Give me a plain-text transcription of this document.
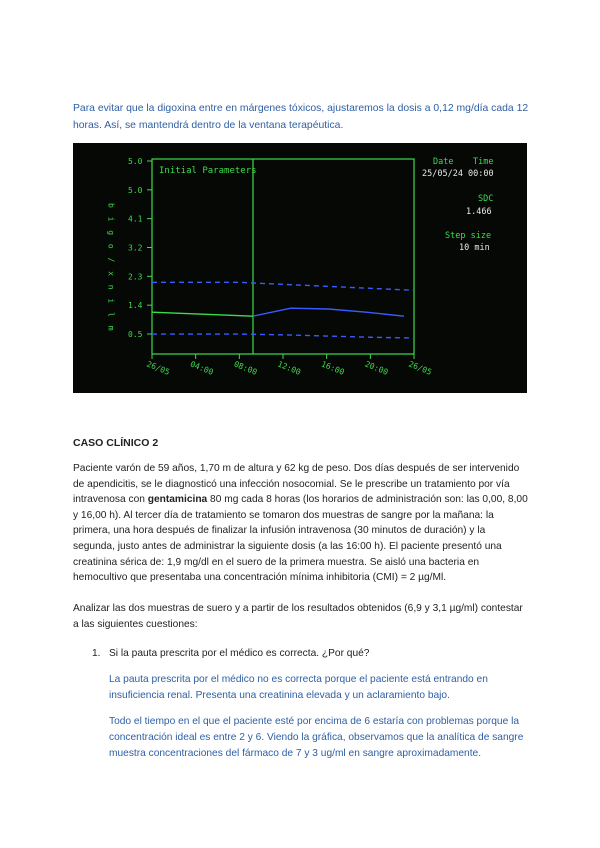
Para evitar que la digoxina entre en márgenes tóxicos, ajustaremos la dosis a 0,12 mg/día cada 12 horas. Así, se mantendrá dentro de la ventana terapéutica.

Initial Parameters
b i g o / x n i l m
5.0
5.0
4.1
3.2
2.3
1.4
0.5
26/05 04:00 08:00 12:00 16:00 20:00 26/05
Date Time
25/05/24 00:00
SDC
1.466
Step size
10 min
CASO CLÍNICO 2

Paciente varón de 59 años, 1,70 m de altura y 62 kg de peso. Dos días después de ser intervenido de apendicitis, se le diagnosticó una infección nosocomial. Se le prescribe un tratamiento por vía intravenosa con gentamicina 80 mg cada 8 horas (los horarios de administración son: las 0,00, 8,00 y 16,00 h). Al tercer día de tratamiento se tomaron dos muestras de sangre por la mañana: la primera, una hora después de finalizar la infusión intravenosa (30 minutos de duración) y la segunda, justo antes de administrar la siguiente dosis (a las 16:00 h). El paciente presentó una creatinina sérica de: 1,9 mg/dl en el suero de la primera muestra. Se aisló una bacteria en hemocultivo que presentaba una concentración mínima inhibitoria (CMI) = 2 µg/Ml.

Analizar las dos muestras de suero y a partir de los resultados obtenidos (6,9 y 3,1 µg/ml) contestar a las siguientes cuestiones:

1. Si la pauta prescrita por el médico es correcta. ¿Por qué?

La pauta prescrita por el médico no es correcta porque el paciente está entrando en insuficiencia renal. Presenta una creatinina elevada y un aclaramiento bajo.

Todo el tiempo en el que el paciente esté por encima de 6 estaría con problemas porque la concentración ideal es entre 2 y 6. Viendo la gráfica, observamos que la analítica de sangre muestra concentraciones del fármaco de 7 y 3 ug/ml en sangre aproximadamente.
